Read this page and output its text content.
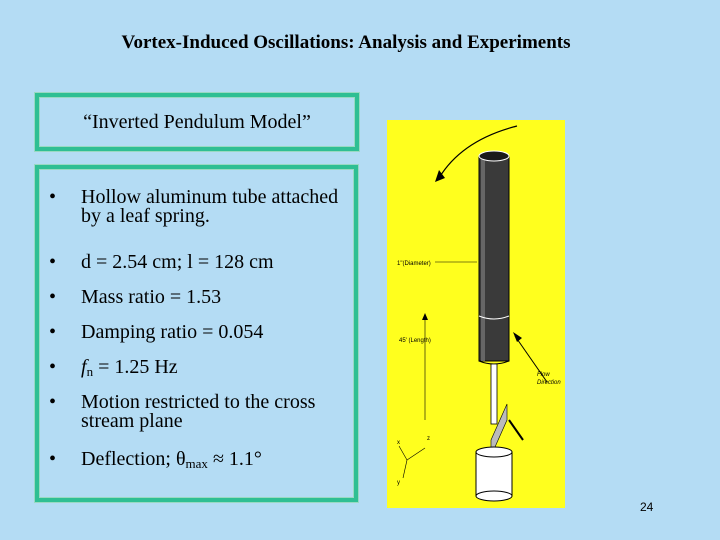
Vortex-Induced Oscillations: Analysis and Experiments
“Inverted Pendulum Model”
• Hollow aluminum tube attached by a leaf spring.
• d = 2.54 cm; l = 128 cm
• Mass ratio = 1.53
• Damping ratio = 0.054
• fn = 1.25 Hz
• Motion restricted to the cross stream plane
• Deflection; θmax ≈ 1.1°
1"(Diameter)
45' (Length)
Flow
Direction
x
z
y
24
